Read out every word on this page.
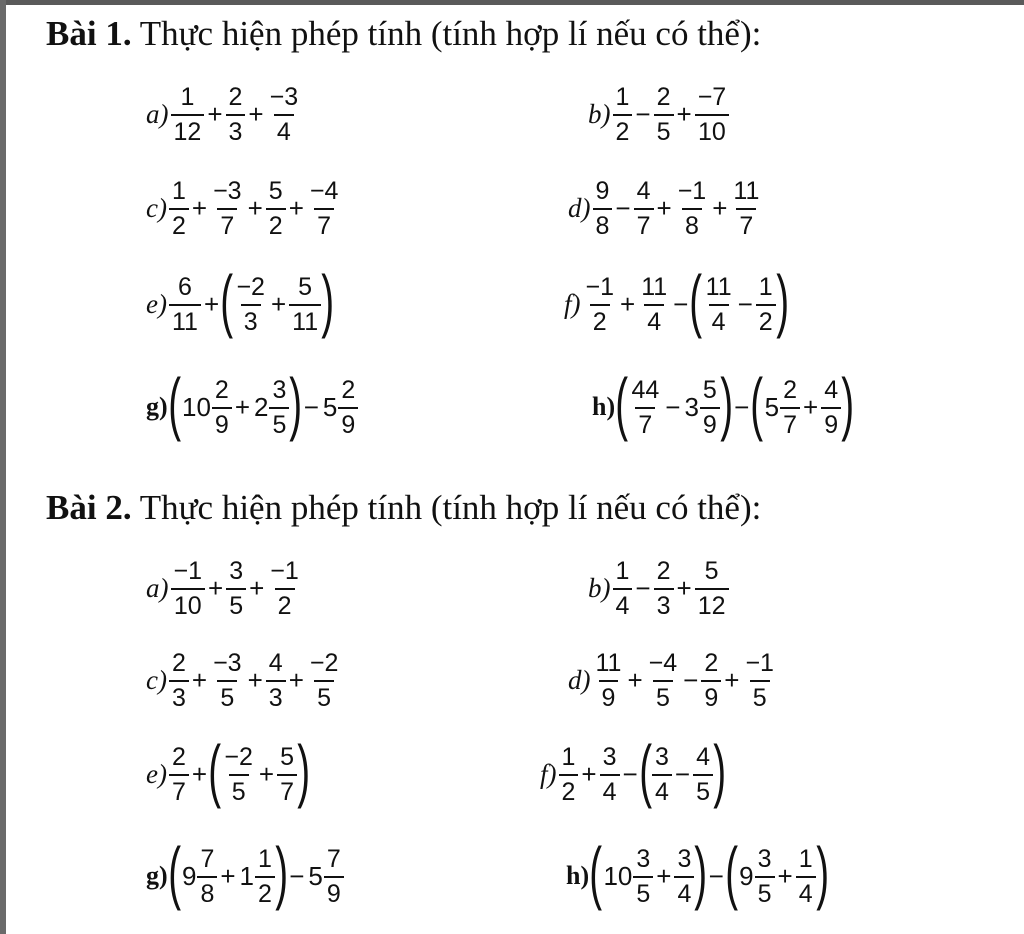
Bài 1. Thực hiện phép tính (tính hợp lí nếu có thể):
$a) \frac{1}{12} + \frac{2}{3} + \frac{-3}{4}$	$b) \frac{1}{2} - \frac{2}{5} + \frac{-7}{10}$
$c) \frac{1}{2} + \frac{-3}{7} + \frac{5}{2} + \frac{-4}{7}$	$d) \frac{9}{8} - \frac{4}{7} + \frac{-1}{8} + \frac{11}{7}$
$e) \frac{6}{11}$ + ( $\frac{-2}{3} + \frac{5}{11}$ )	$f) \frac{-1}{2} + \frac{11}{4}$ − ( $\frac{11}{4} - \frac{1}{2}$ )
g) ( $10 \frac{2}{9} + 2 \frac{3}{5}$ ) − $5 \frac{2}{9}$	h) ( $\frac{44}{7} - 3 \frac{5}{9}$ ) − ( $5 \frac{2}{7} + \frac{4}{9}$ )
Bài 2. Thực hiện phép tính (tính hợp lí nếu có thể):
$a) \frac{-1}{10} + \frac{3}{5} + \frac{-1}{2}$	$b) \frac{1}{4} - \frac{2}{3} + \frac{5}{12}$
$c) \frac{2}{3} + \frac{-3}{5} + \frac{4}{3} + \frac{-2}{5}$	$d) \frac{11}{9} + \frac{-4}{5} - \frac{2}{9} + \frac{-1}{5}$
$e) \frac{2}{7}$ + ( $\frac{-2}{5} + \frac{5}{7}$ )	$f) \frac{1}{2} + \frac{3}{4}$ − ( $\frac{3}{4} - \frac{4}{5}$ )
g) ( $9 \frac{7}{8} + 1 \frac{1}{2}$ ) − $5 \frac{7}{9}$	h) ( $10 \frac{3}{5} + \frac{3}{4}$ ) − ( $9 \frac{3}{5} + \frac{1}{4}$ )
